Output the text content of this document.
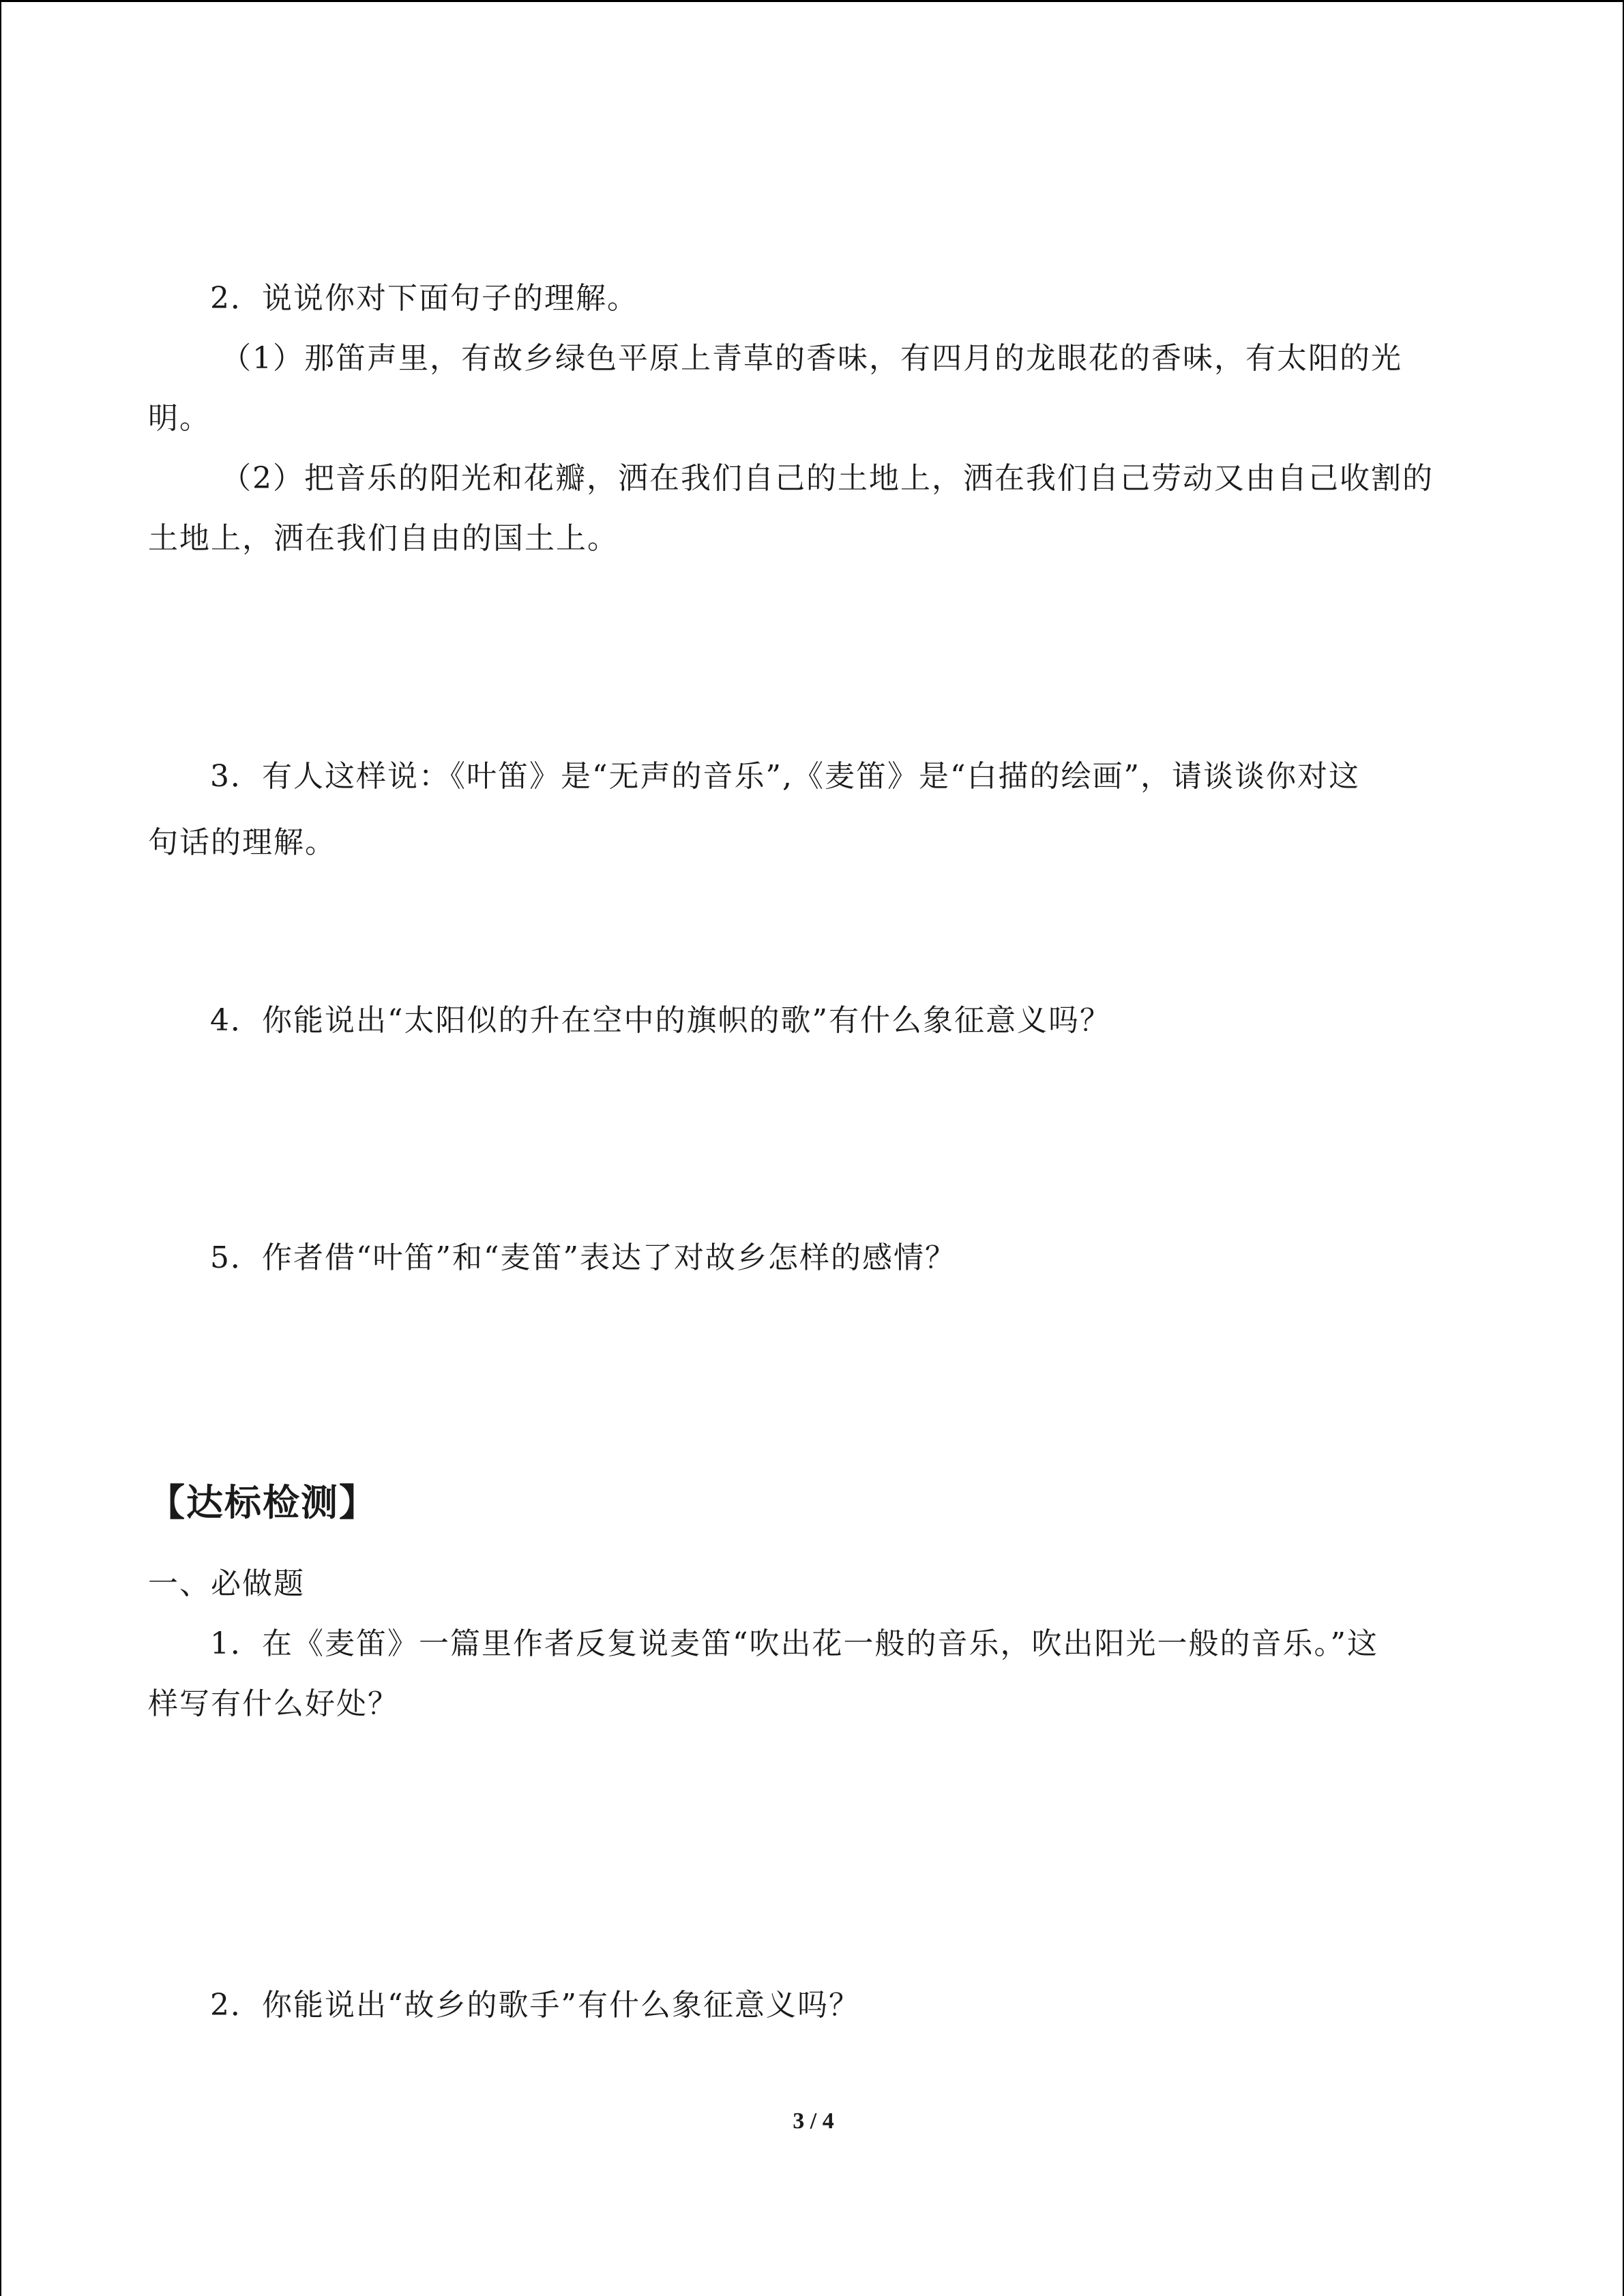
2．说说你对下面句子的理解。
（1）那笛声里，有故乡绿色平原上青草的香味，有四月的龙眼花的香味，有太阳的光
明。
（2）把音乐的阳光和花瓣，洒在我们自己的土地上，洒在我们自己劳动又由自己收割的
土地上，洒在我们自由的国土上。
3．有人这样说：《叶笛》是“无声的音乐”,《麦笛》是“白描的绘画”，请谈谈你对这
句话的理解。
4．你能说出“太阳似的升在空中的旗帜的歌”有什么象征意义吗？
5．作者借“叶笛”和“麦笛”表达了对故乡怎样的感情？
【达标检测】
一、必做题
1．在《麦笛》一篇里作者反复说麦笛“吹出花一般的音乐，吹出阳光一般的音乐。”这
样写有什么好处？
2．你能说出“故乡的歌手”有什么象征意义吗？
3 / 4
